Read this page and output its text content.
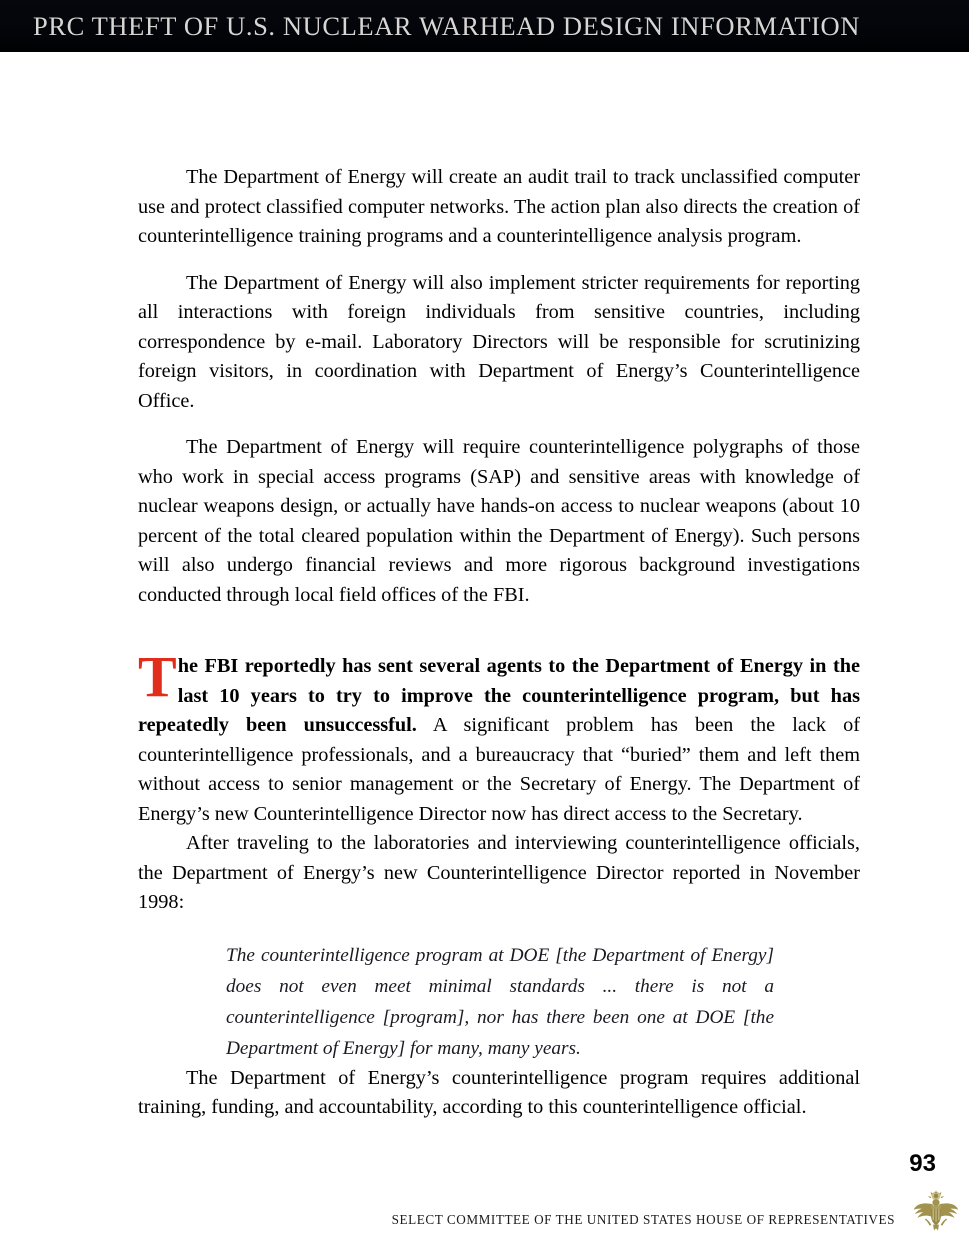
PRC THEFT OF U.S. NUCLEAR WARHEAD DESIGN INFORMATION

The Department of Energy will create an audit trail to track unclassified computer use and protect classified computer networks. The action plan also directs the creation of counterintelligence training programs and a counterintelligence analysis program.

The Department of Energy will also implement stricter requirements for reporting all interactions with foreign individuals from sensitive countries, including correspondence by e-mail. Laboratory Directors will be responsible for scrutinizing foreign visitors, in coordination with Department of Energy’s Counterintelligence Office.

The Department of Energy will require counterintelligence polygraphs of those who work in special access programs (SAP) and sensitive areas with knowledge of nuclear weapons design, or actually have hands-on access to nuclear weapons (about 10 percent of the total cleared population within the Department of Energy). Such persons will also undergo financial reviews and more rigorous background investigations conducted through local field offices of the FBI.

The FBI reportedly has sent several agents to the Department of Energy in the last 10 years to try to improve the counterintelligence program, but has repeatedly been unsuccessful. A significant problem has been the lack of counterintelligence professionals, and a bureaucracy that “buried” them and left them without access to senior management or the Secretary of Energy. The Department of Energy’s new Counterintelligence Director now has direct access to the Secretary.

After traveling to the laboratories and interviewing counterintelligence officials, the Department of Energy’s new Counterintelligence Director reported in November 1998:

The counterintelligence program at DOE [the Department of Energy] does not even meet minimal standards ... there is not a counterintelligence [program], nor has there been one at DOE [the Department of Energy] for many, many years.

The Department of Energy’s counterintelligence program requires additional training, funding, and accountability, according to this counterintelligence official.

93
SELECT COMMITTEE OF THE UNITED STATES HOUSE OF REPRESENTATIVES
